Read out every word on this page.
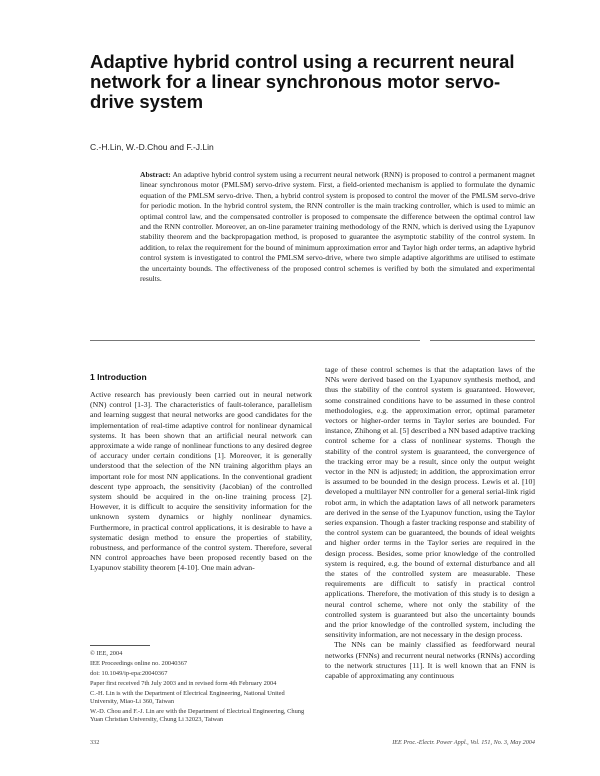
Adaptive hybrid control using a recurrent neural network for a linear synchronous motor servo-drive system
C.-H.Lin, W.-D.Chou and F.-J.Lin
Abstract: An adaptive hybrid control system using a recurrent neural network (RNN) is proposed to control a permanent magnet linear synchronous motor (PMLSM) servo-drive system. First, a field-oriented mechanism is applied to formulate the dynamic equation of the PMLSM servo-drive. Then, a hybrid control system is proposed to control the mover of the PMLSM servo-drive for periodic motion. In the hybrid control system, the RNN controller is the main tracking controller, which is used to mimic an optimal control law, and the compensated controller is proposed to compensate the difference between the optimal control law and the RNN controller. Moreover, an on-line parameter training methodology of the RNN, which is derived using the Lyapunov stability theorem and the backpropagation method, is proposed to guarantee the asymptotic stability of the control system. In addition, to relax the requirement for the bound of minimum approximation error and Taylor high order terms, an adaptive hybrid control system is investigated to control the PMLSM servo-drive, where two simple adaptive algorithms are utilised to estimate the uncertainty bounds. The effectiveness of the proposed control schemes is verified by both the simulated and experimental results.
1 Introduction

Active research has previously been carried out in neural network (NN) control [1-3]. The characteristics of fault-tolerance, parallelism and learning suggest that neural networks are good candidates for the implementation of real-time adaptive control for nonlinear dynamical systems. It has been shown that an artificial neural network can approximate a wide range of nonlinear functions to any desired degree of accuracy under certain conditions [1]. Moreover, it is generally understood that the selection of the NN training algorithm plays an important role for most NN applications. In the conventional gradient descent type approach, the sensitivity (Jacobian) of the controlled system should be acquired in the on-line training process [2]. However, it is difficult to acquire the sensitivity information for the unknown system dynamics or highly nonlinear dynamics. Furthermore, in practical control applications, it is desirable to have a systematic design method to ensure the properties of stability, robustness, and performance of the control system. Therefore, several NN control approaches have been proposed recently based on the Lyapunov stability theorem [4-10]. One main advan-

tage of these control schemes is that the adaptation laws of the NNs were derived based on the Lyapunov synthesis method, and thus the stability of the control system is guaranteed. However, some constrained conditions have to be assumed in these control methodologies, e.g. the approximation error, optimal parameter vectors or higher-order terms in Taylor series are bounded. For instance, Zhihong et al. [5] described a NN based adaptive tracking control scheme for a class of nonlinear systems. Though the stability of the control system is guaranteed, the convergence of the tracking error may be a result, since only the output weight vector in the NN is adjusted; in addition, the approximation error is assumed to be bounded in the design process. Lewis et al. [10] developed a multilayer NN controller for a general serial-link rigid robot arm, in which the adaptation laws of all network parameters are derived in the sense of the Lyapunov function, using the Taylor series expansion. Though a faster tracking response and stability of the control system can be guaranteed, the bounds of ideal weights and higher order terms in the Taylor series are required in the design process. Besides, some prior knowledge of the controlled system is required, e.g. the bound of external disturbance and all the states of the controlled system are measurable. These requirements are difficult to satisfy in practical control applications. Therefore, the motivation of this study is to design a neural control scheme, where not only the stability of the controlled system is guaranteed but also the uncertainty bounds and the prior knowledge of the controlled system, including the sensitivity information, are not necessary in the design process.

The NNs can be mainly classified as feedforward neural networks (FNNs) and recurrent neural networks (RNNs) according to the network structures [11]. It is well known that an FNN is capable of approximating any continuous

© IEE, 2004
IEE Proceedings online no. 20040367
doi: 10.1049/ip-epa:20040367
Paper first received 7th July 2003 and in revised form 4th February 2004
C.-H. Lin is with the Department of Electrical Engineering, National United University, Miao-Li 360, Taiwan
W.-D. Chou and F.-J. Lin are with the Department of Electrical Engineering, Chung Yuan Christian University, Chung Li 32023, Taiwan
332	IEE Proc.-Electr. Power Appl., Vol. 151, No. 3, May 2004
